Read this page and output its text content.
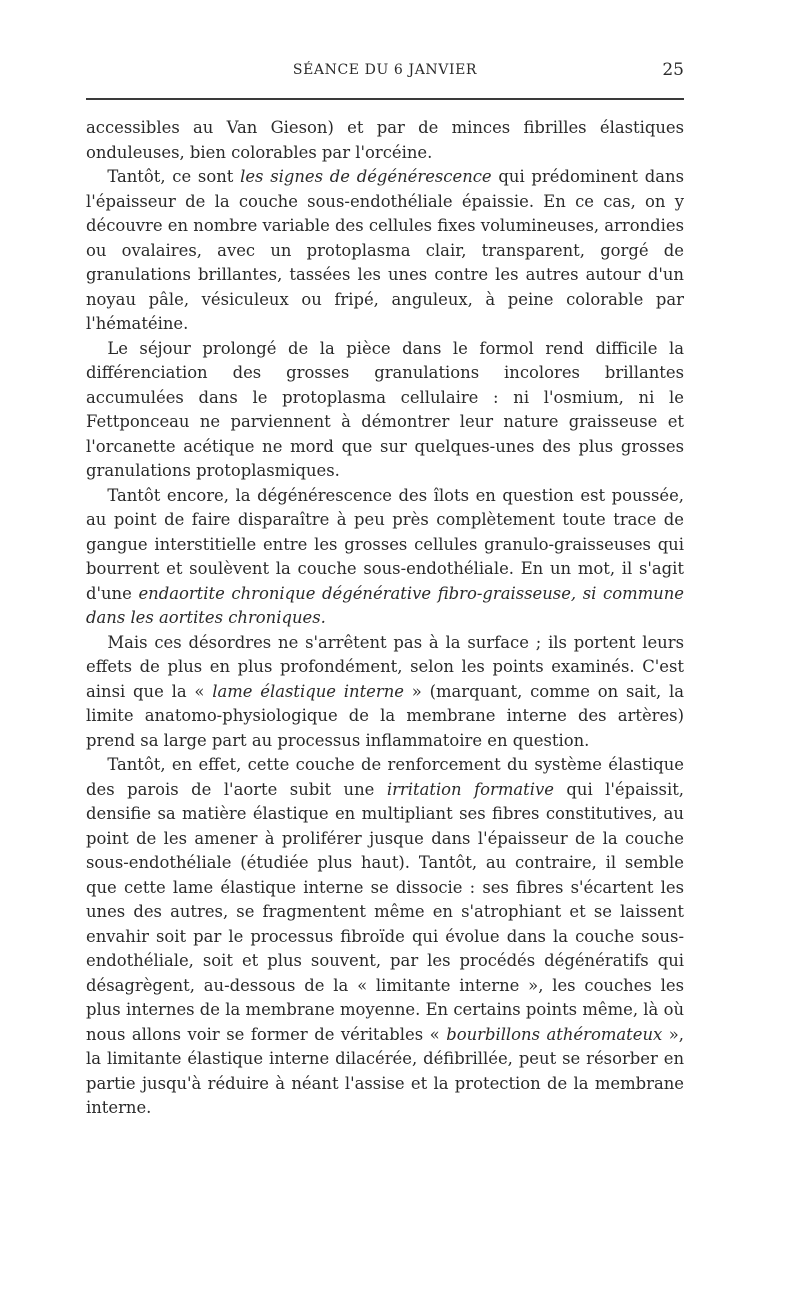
SÉANCE DU 6 JANVIER	25

accessibles au Van Gieson) et par de minces fibrilles élastiques onduleuses, bien colorables par l'orcéine.

Tantôt, ce sont les signes de dégénérescence qui prédominent dans l'épaisseur de la couche sous-endothéliale épaissie. En ce cas, on y découvre en nombre variable des cellules fixes volumineuses, arrondies ou ovalaires, avec un protoplasma clair, transparent, gorgé de granulations brillantes, tassées les unes contre les autres autour d'un noyau pâle, vésiculeux ou fripé, anguleux, à peine colorable par l'hématéine.

Le séjour prolongé de la pièce dans le formol rend difficile la différenciation des grosses granulations incolores brillantes accumulées dans le protoplasma cellulaire : ni l'osmium, ni le Fettponceau ne parviennent à démontrer leur nature graisseuse et l'orcanette acétique ne mord que sur quelques-unes des plus grosses granulations protoplasmiques.

Tantôt encore, la dégénérescence des îlots en question est poussée, au point de faire disparaître à peu près complètement toute trace de gangue interstitielle entre les grosses cellules granulo-graisseuses qui bourrent et soulèvent la couche sous-endothéliale. En un mot, il s'agit d'une endaortite chronique dégénérative fibro-graisseuse, si commune dans les aortites chroniques.

Mais ces désordres ne s'arrêtent pas à la surface ; ils portent leurs effets de plus en plus profondément, selon les points examinés. C'est ainsi que la « lame élastique interne » (marquant, comme on sait, la limite anatomo-physiologique de la membrane interne des artères) prend sa large part au processus inflammatoire en question.

Tantôt, en effet, cette couche de renforcement du système élastique des parois de l'aorte subit une irritation formative qui l'épaissit, densifie sa matière élastique en multipliant ses fibres constitutives, au point de les amener à proliférer jusque dans l'épaisseur de la couche sous-endothéliale (étudiée plus haut). Tantôt, au contraire, il semble que cette lame élastique interne se dissocie : ses fibres s'écartent les unes des autres, se fragmentent même en s'atrophiant et se laissent envahir soit par le processus fibroïde qui évolue dans la couche sous-endothéliale, soit et plus souvent, par les procédés dégénératifs qui désagrègent, au-dessous de la « limitante interne », les couches les plus internes de la membrane moyenne. En certains points même, là où nous allons voir se former de véritables « bourbillons athéromateux », la limitante élastique interne dilacérée, défibrillée, peut se résorber en partie jusqu'à réduire à néant l'assise et la protection de la membrane interne.
